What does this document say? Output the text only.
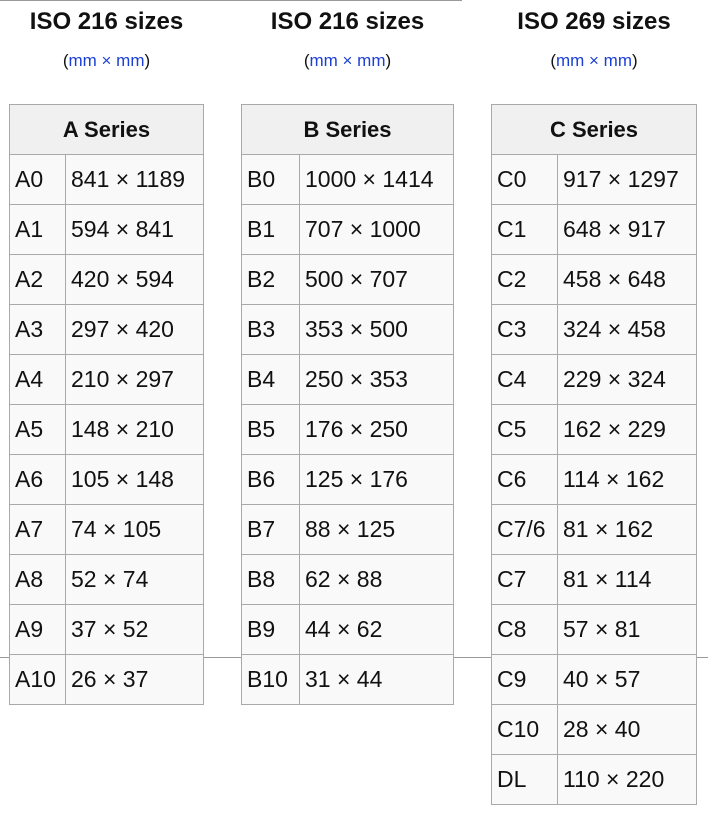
ISO 216 sizes
(mm × mm)
A Series	
A0	841 × 1189
A1	594 × 841
A2	420 × 594
A3	297 × 420
A4	210 × 297
A5	148 × 210
A6	105 × 148
A7	74 × 105
A8	52 × 74
A9	37 × 52
A10	26 × 37
ISO 216 sizes
(mm × mm)
B Series	
B0	1000 × 1414
B1	707 × 1000
B2	500 × 707
B3	353 × 500
B4	250 × 353
B5	176 × 250
B6	125 × 176
B7	88 × 125
B8	62 × 88
B9	44 × 62
B10	31 × 44
ISO 269 sizes
(mm × mm)
C Series	
C0	917 × 1297
C1	648 × 917
C2	458 × 648
C3	324 × 458
C4	229 × 324
C5	162 × 229
C6	114 × 162
C7/6	81 × 162
C7	81 × 114
C8	57 × 81
C9	40 × 57
C10	28 × 40
DL	110 × 220
